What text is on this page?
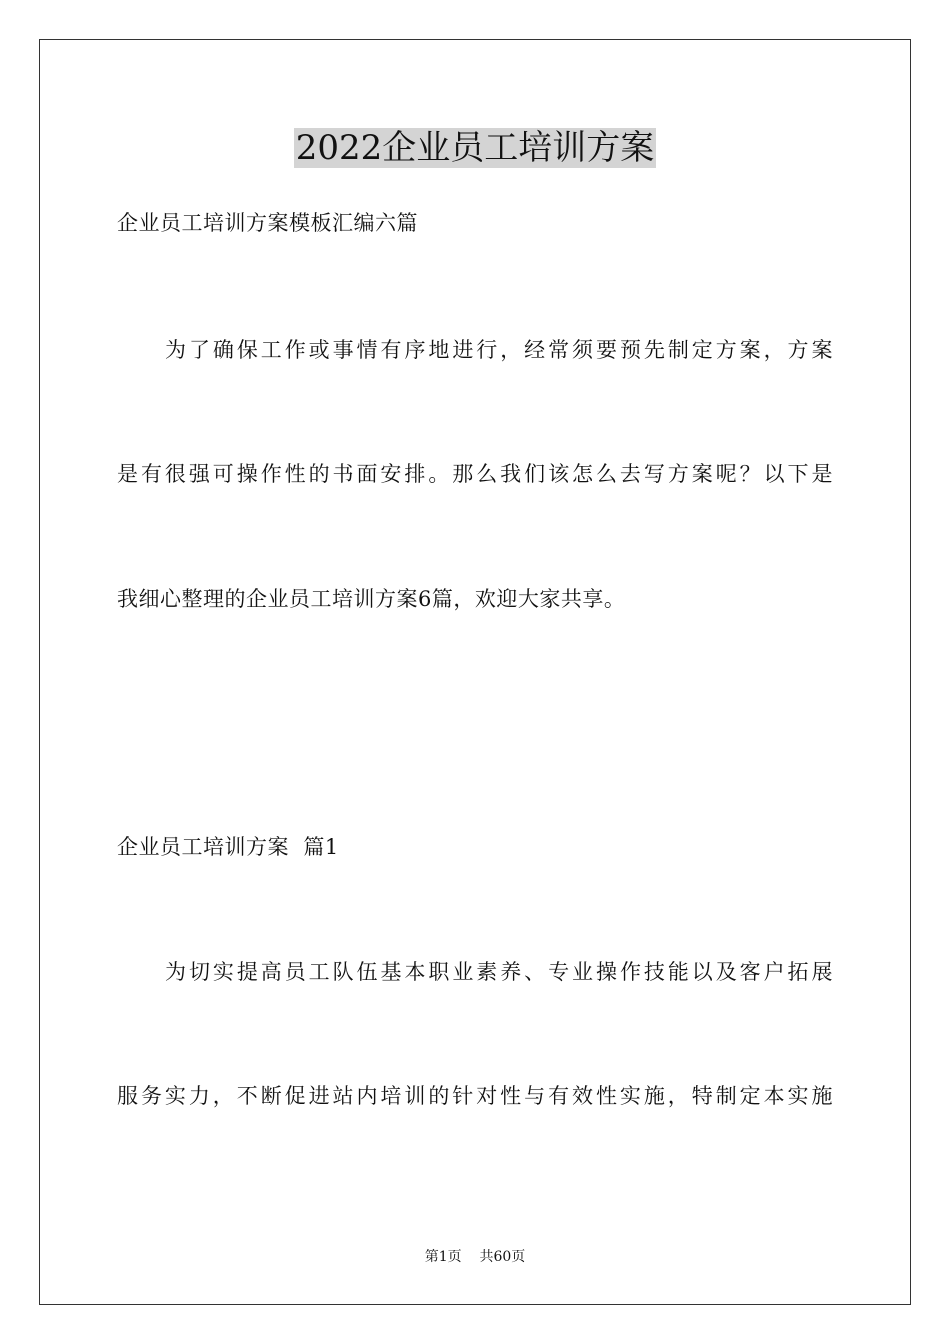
2022企业员工培训方案
企业员工培训方案模板汇编六篇
为了确保工作或事情有序地进行，经常须要预先制定方案，方案
是有很强可操作性的书面安排。那么我们该怎么去写方案呢？以下是
我细心整理的企业员工培训方案6篇，欢迎大家共享。
企业员工培训方案  篇1
为切实提高员工队伍基本职业素养、专业操作技能以及客户拓展
服务实力，不断促进站内培训的针对性与有效性实施，特制定本实施
第1页 共60页
